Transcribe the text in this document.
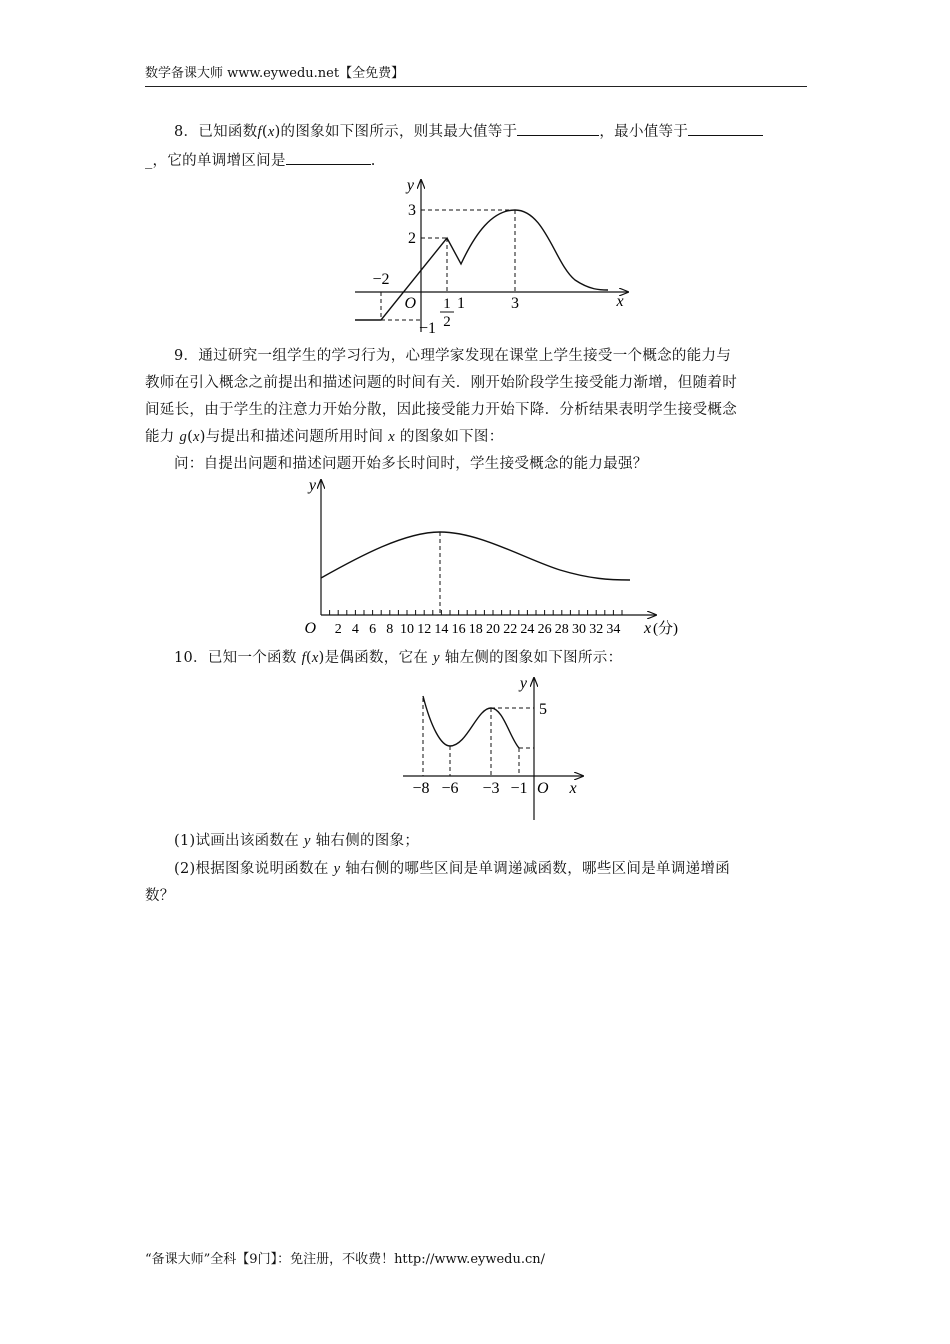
数学备课大师 www.eywedu.net【全免费】
8．已知函数f(x)的图象如下图所示，则其最大值等于	，最小值等于
_，它的单调增区间是	.
y
x
O
3
2
−1
−2
1	3
1
2
9．通过研究一组学生的学习行为，心理学家发现在课堂上学生接受一个概念的能力与
教师在引入概念之前提出和描述问题的时间有关．刚开始阶段学生接受能力渐增，但随着时
间延长，由于学生的注意力开始分散，因此接受能力开始下降．分析结果表明学生接受概念
能力 g(x)与提出和描述问题所用时间 x 的图象如下图：
问：自提出问题和描述问题开始多长时间时，学生接受概念的能力最强？
y
O 2 4 6 8 10 12 14 16 18 20 22 24 26 28 30 32 34 x (分)
10．已知一个函数 f(x)是偶函数，它在 y 轴左侧的图象如下图所示：
y
5
O x
−8 −6 −3 −1
(1)试画出该函数在 y 轴右侧的图象；
(2)根据图象说明函数在 y 轴右侧的哪些区间是单调递减函数，哪些区间是单调递增函
数？
“备课大师”全科【9门】：免注册，不收费！http://www.eywedu.cn/
